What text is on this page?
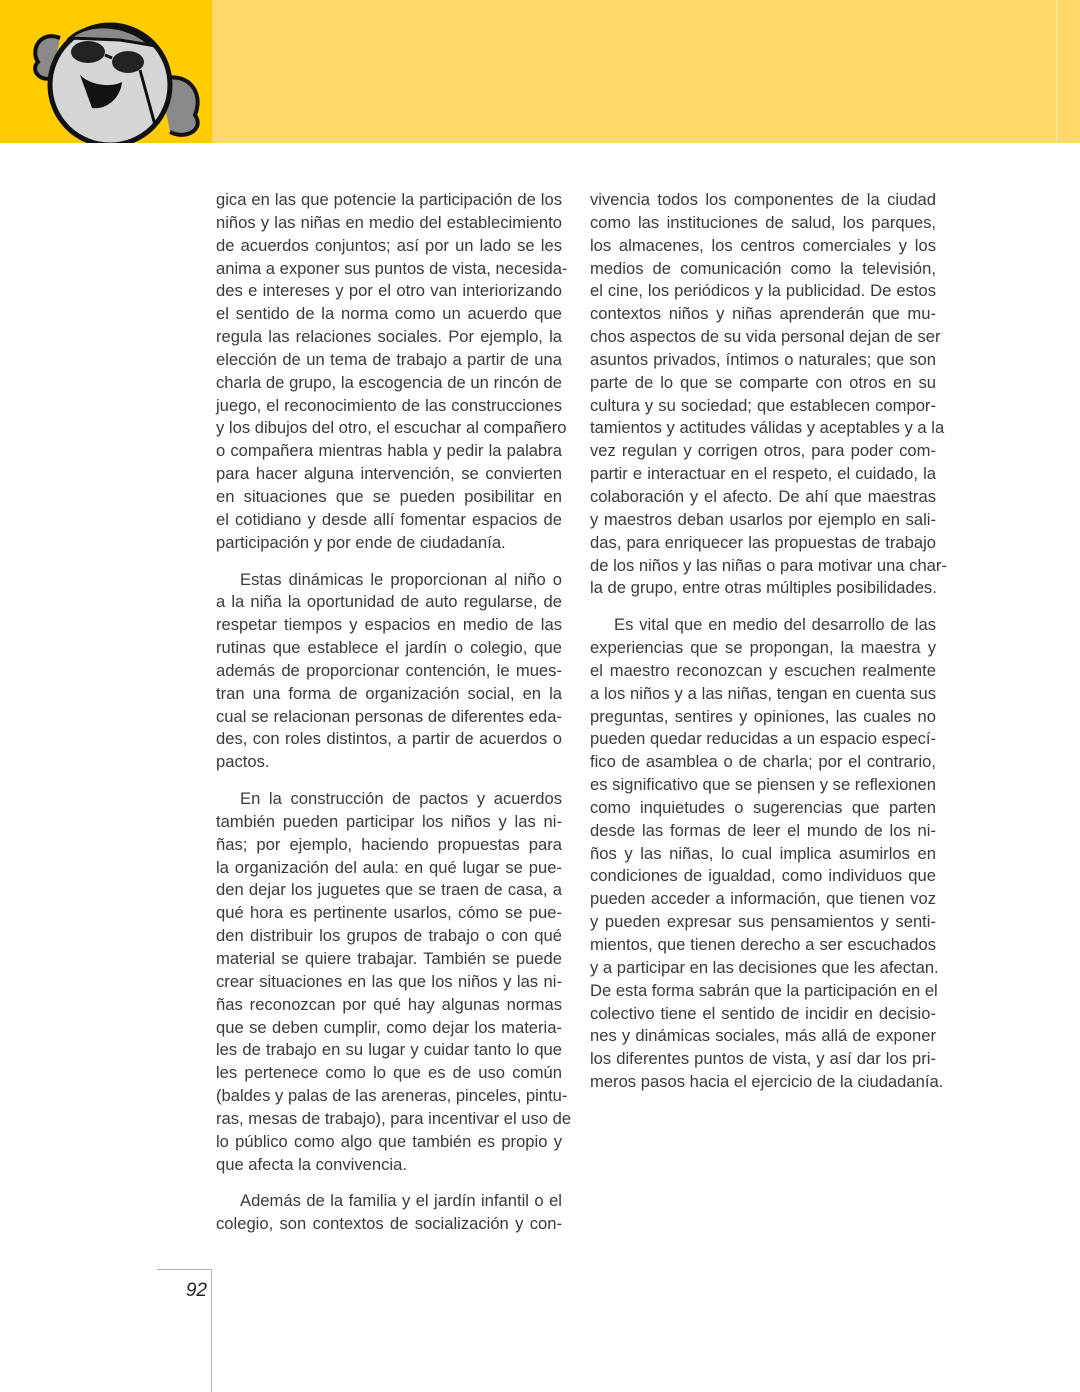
gica en las que potencie la participación de los
niños y las niñas en medio del establecimiento
de acuerdos conjuntos; así por un lado se les
anima a exponer sus puntos de vista, necesida-
des e intereses y por el otro van interiorizando
el sentido de la norma como un acuerdo que
regula las relaciones sociales. Por ejemplo, la
elección de un tema de trabajo a partir de una
charla de grupo, la escogencia de un rincón de
juego, el reconocimiento de las construcciones
y los dibujos del otro, el escuchar al compañero
o compañera mientras habla y pedir la palabra
para hacer alguna intervención, se convierten
en situaciones que se pueden posibilitar en
el cotidiano y desde allí fomentar espacios de
participación y por ende de ciudadanía.
Estas dinámicas le proporcionan al niño o
a la niña la oportunidad de auto regularse, de
respetar tiempos y espacios en medio de las
rutinas que establece el jardín o colegio, que
además de proporcionar contención, le mues-
tran una forma de organización social, en la
cual se relacionan personas de diferentes eda-
des, con roles distintos, a partir de acuerdos o
pactos.
En la construcción de pactos y acuerdos
también pueden participar los niños y las ni-
ñas; por ejemplo, haciendo propuestas para
la organización del aula: en qué lugar se pue-
den dejar los juguetes que se traen de casa, a
qué hora es pertinente usarlos, cómo se pue-
den distribuir los grupos de trabajo o con qué
material se quiere trabajar. También se puede
crear situaciones en las que los niños y las ni-
ñas reconozcan por qué hay algunas normas
que se deben cumplir, como dejar los materia-
les de trabajo en su lugar y cuidar tanto lo que
les pertenece como lo que es de uso común
(baldes y palas de las areneras, pinceles, pintu-
ras, mesas de trabajo), para incentivar el uso de
lo público como algo que también es propio y
que afecta la convivencia.
Además de la familia y el jardín infantil o el
colegio, son contextos de socialización y con-
vivencia todos los componentes de la ciudad
como las instituciones de salud, los parques,
los almacenes, los centros comerciales y los
medios de comunicación como la televisión,
el cine, los periódicos y la publicidad. De estos
contextos niños y niñas aprenderán que mu-
chos aspectos de su vida personal dejan de ser
asuntos privados, íntimos o naturales; que son
parte de lo que se comparte con otros en su
cultura y su sociedad; que establecen compor-
tamientos y actitudes válidas y aceptables y a la
vez regulan y corrigen otros, para poder com-
partir e interactuar en el respeto, el cuidado, la
colaboración y el afecto. De ahí que maestras
y maestros deban usarlos por ejemplo en sali-
das, para enriquecer las propuestas de trabajo
de los niños y las niñas o para motivar una char-
la de grupo, entre otras múltiples posibilidades.
Es vital que en medio del desarrollo de las
experiencias que se propongan, la maestra y
el maestro reconozcan y escuchen realmente
a los niños y a las niñas, tengan en cuenta sus
preguntas, sentires y opiniones, las cuales no
pueden quedar reducidas a un espacio especí-
fico de asamblea o de charla; por el contrario,
es significativo que se piensen y se reflexionen
como inquietudes o sugerencias que parten
desde las formas de leer el mundo de los ni-
ños y las niñas, lo cual implica asumirlos en
condiciones de igualdad, como individuos que
pueden acceder a información, que tienen voz
y pueden expresar sus pensamientos y senti-
mientos, que tienen derecho a ser escuchados
y a participar en las decisiones que les afectan.
De esta forma sabrán que la participación en el
colectivo tiene el sentido de incidir en decisio-
nes y dinámicas sociales, más allá de exponer
los diferentes puntos de vista, y así dar los pri-
meros pasos hacia el ejercicio de la ciudadanía.
92
